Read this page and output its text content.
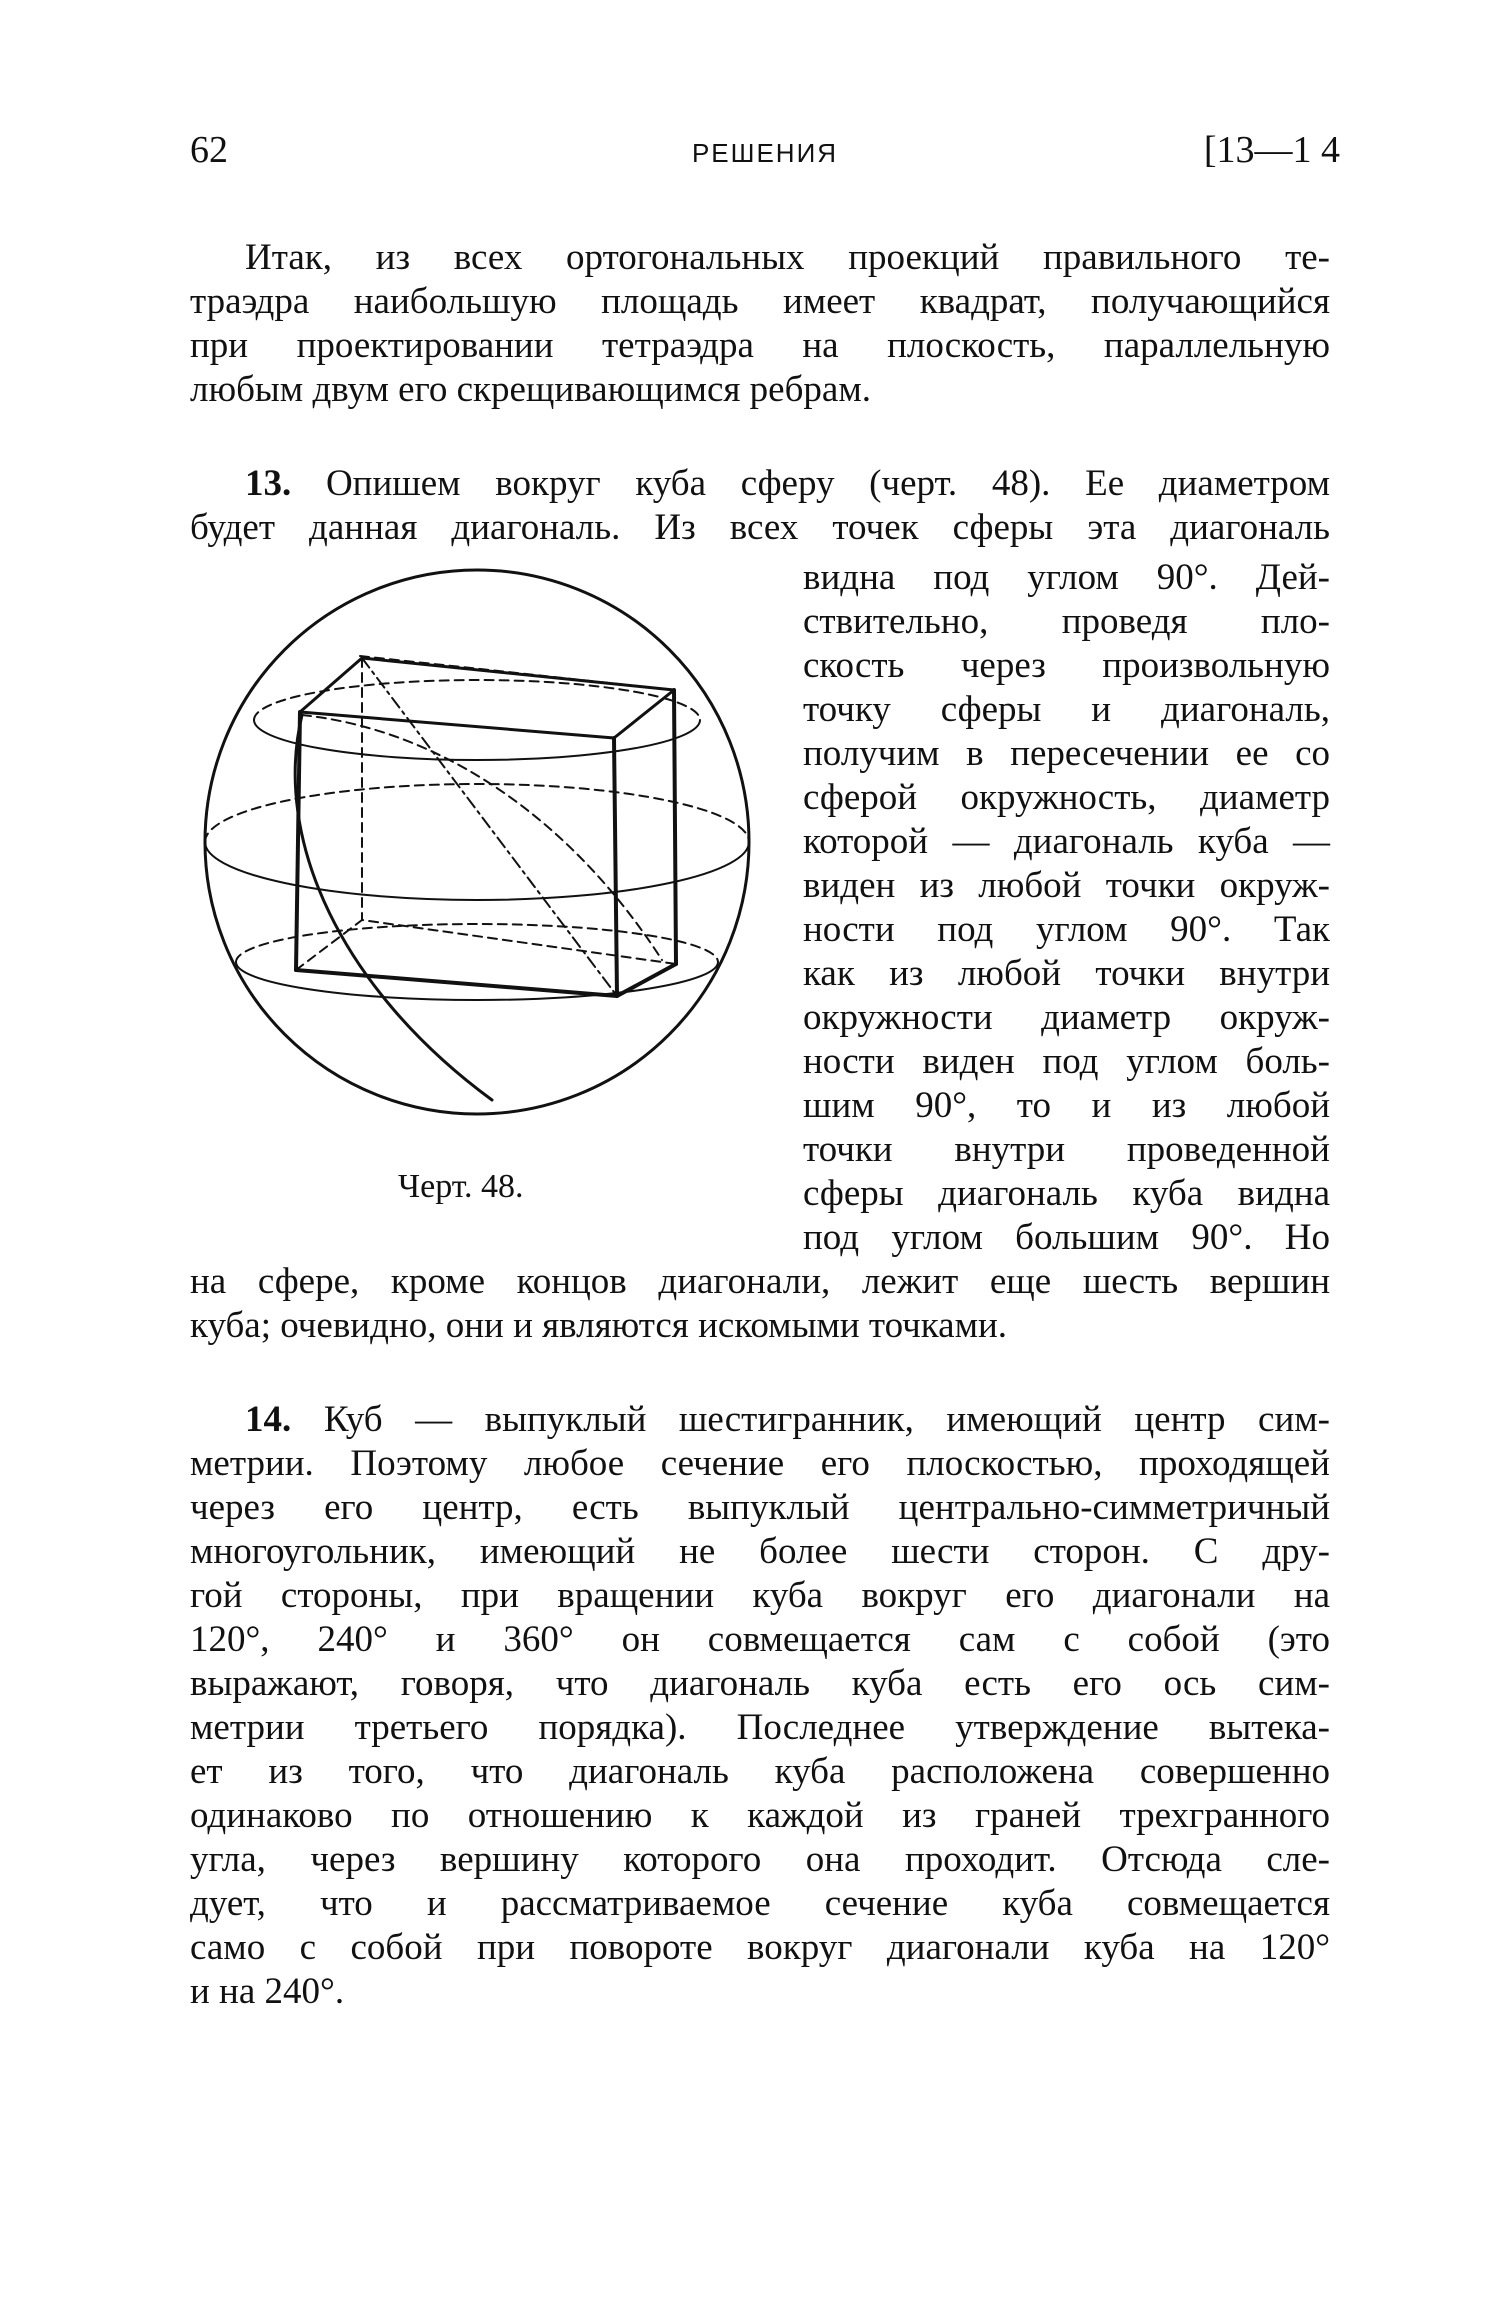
62	РЕШЕНИЯ	[13—1 4
Итак, из всех ортогональных проекций правильного те-
траэдра наибольшую площадь имеет квадрат, получающийся
при проектировании тетраэдра на плоскость, параллельную
любым двум его скрещивающимся ребрам.
13. Опишем вокруг куба сферу (черт. 48). Ее диаметром
будет данная диагональ. Из всех точек сферы эта диагональ
видна под углом 90°. Дей-
ствительно, проведя пло-
скость через произвольную
точку сферы и диагональ,
получим в пересечении ее со
сферой окружность, диаметр
которой — диагональ куба —
виден из любой точки окруж-
ности под углом 90°. Так
как из любой точки внутри
окружности диаметр окруж-
ности виден под углом боль-
шим 90°, то и из любой
точки внутри проведенной
сферы диагональ куба видна
под углом большим 90°. Но
на сфере, кроме концов диагонали, лежит еще шесть вершин
куба; очевидно, они и являются искомыми точками.
Черт. 48.
14. Куб — выпуклый шестигранник, имеющий центр сим-
метрии. Поэтому любое сечение его плоскостью, проходящей
через его центр, есть выпуклый центрально-симметричный
многоугольник, имеющий не более шести сторон. С дру-
гой стороны, при вращении куба вокруг его диагонали на
120°, 240° и 360° он совмещается сам с собой (это
выражают, говоря, что диагональ куба есть его ось сим-
метрии третьего порядка). Последнее утверждение вытека-
ет из того, что диагональ куба расположена совершенно
одинаково по отношению к каждой из граней трехгранного
угла, через вершину которого она проходит. Отсюда сле-
дует, что и рассматриваемое сечение куба совмещается
само с собой при повороте вокруг диагонали куба на 120°
и на 240°.
